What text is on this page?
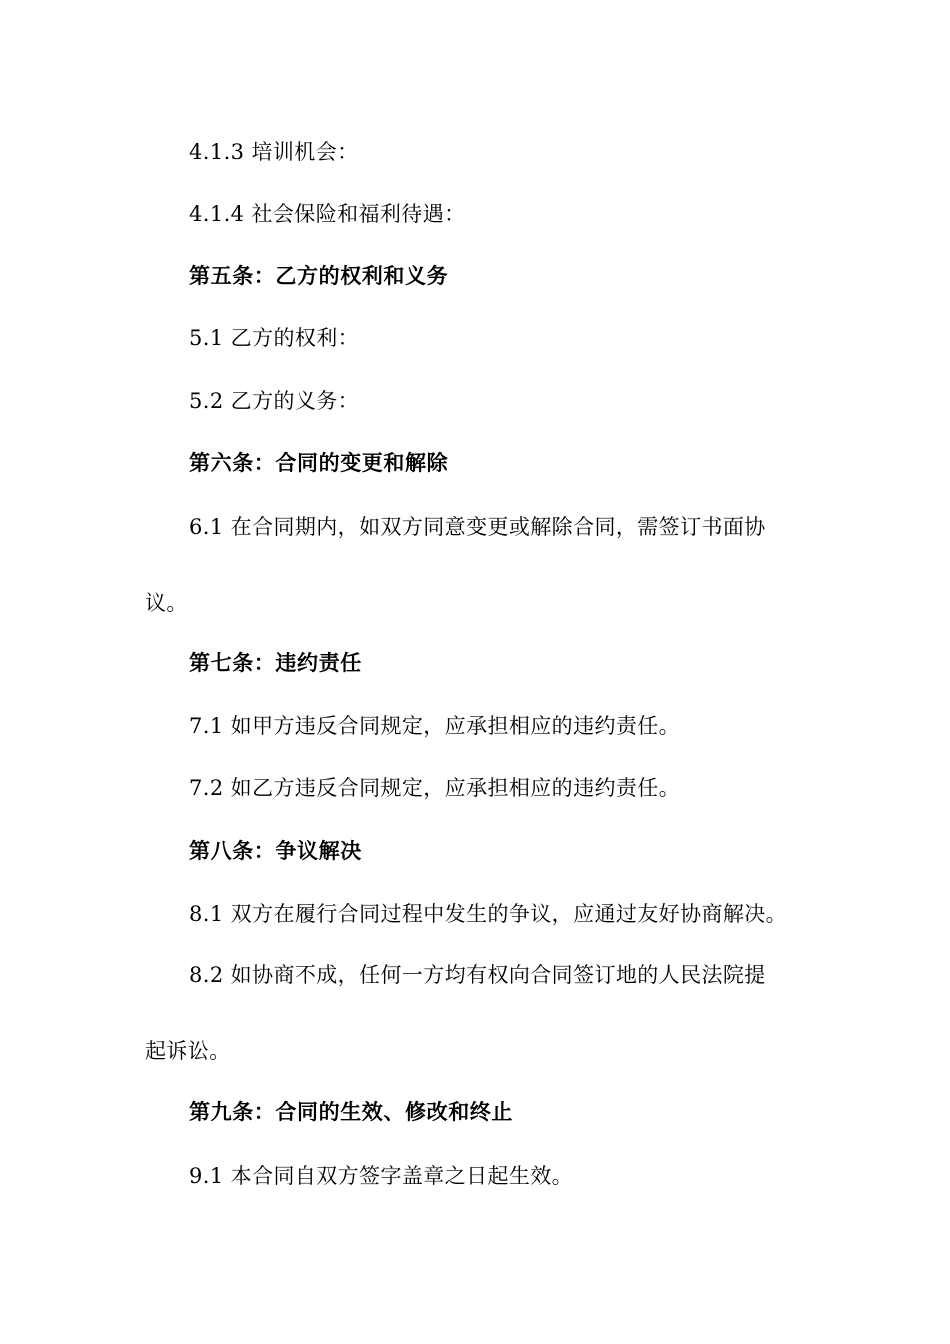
4.1.3 培训机会：
4.1.4 社会保险和福利待遇：
第五条：乙方的权利和义务
5.1 乙方的权利：
5.2 乙方的义务：
第六条：合同的变更和解除
6.1 在合同期内，如双方同意变更或解除合同，需签订书面协
议。
第七条：违约责任
7.1 如甲方违反合同规定，应承担相应的违约责任。
7.2 如乙方违反合同规定，应承担相应的违约责任。
第八条：争议解决
8.1 双方在履行合同过程中发生的争议，应通过友好协商解决。
8.2 如协商不成，任何一方均有权向合同签订地的人民法院提
起诉讼。
第九条：合同的生效、修改和终止
9.1 本合同自双方签字盖章之日起生效。
